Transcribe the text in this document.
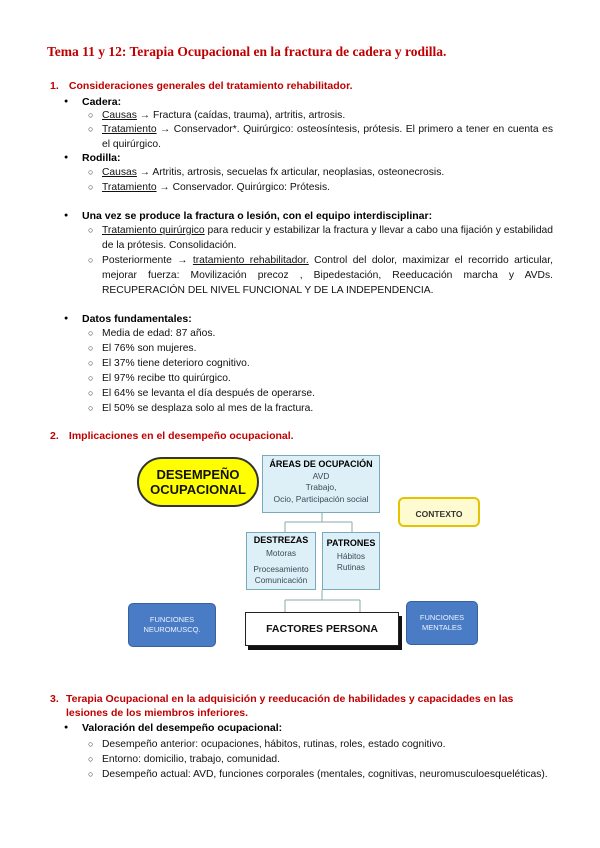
Tema 11 y 12: Terapia Ocupacional en la fractura de cadera y rodilla.
1. Consideraciones generales del tratamiento rehabilitador.
● Cadera:
○ Causas → Fractura (caídas, trauma), artritis, artrosis.
○ Tratamiento → Conservador*. Quirúrgico: osteosíntesis, prótesis. El primero a tener en cuenta es el quirúrgico.
● Rodilla:
○ Causas → Artritis, artrosis, secuelas fx articular, neoplasias, osteonecrosis.
○ Tratamiento → Conservador. Quirúrgico: Prótesis.
● Una vez se produce la fractura o lesión, con el equipo interdisciplinar:
○ Tratamiento quirúrgico para reducir y estabilizar la fractura y llevar a cabo una fijación y estabilidad de la prótesis. Consolidación.
○ Posteriormente → tratamiento rehabilitador. Control del dolor, maximizar el recorrido articular, mejorar fuerza: Movilización precoz , Bipedestación, Reeducación marcha y AVDs. RECUPERACIÓN DEL NIVEL FUNCIONAL Y DE LA INDEPENDENCIA.
● Datos fundamentales:
○ Media de edad: 87 años.
○ El 76% son mujeres.
○ El 37% tiene deterioro cognitivo.
○ El 97% recibe tto quirúrgico.
○ El 64% se levanta el día después de operarse.
○ El 50% se desplaza solo al mes de la fractura.
2. Implicaciones en el desempeño ocupacional.
DESEMPEÑO
OCUPACIONAL
ÁREAS DE OCUPACIÓN
AVD
Trabajo,
Ocio, Participación social
CONTEXTO
DESTREZAS
Motoras
Procesamiento
Comunicación
PATRONES
Hábitos
Rutinas
FACTORES PERSONA
FUNCIONES
NEUROMUSCQ.
FUNCIONES
MENTALES
3. Terapia Ocupacional en la adquisición y reeducación de habilidades y capacidades en las lesiones de los miembros inferiores.
● Valoración del desempeño ocupacional:
○ Desempeño anterior: ocupaciones, hábitos, rutinas, roles, estado cognitivo.
○ Entorno: domicilio, trabajo, comunidad.
○ Desempeño actual: AVD, funciones corporales (mentales, cognitivas, neuromusculoesqueléticas).
